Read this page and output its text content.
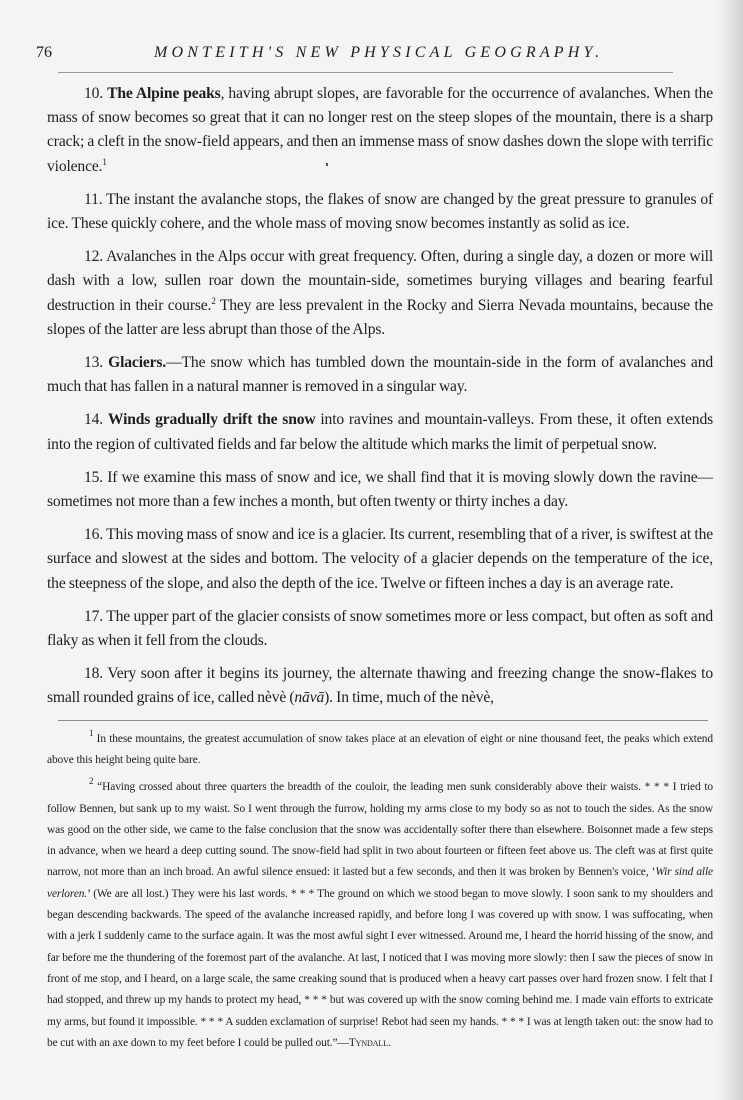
76	MONTEITH'S NEW PHYSICAL GEOGRAPHY.

10. The Alpine peaks, having abrupt slopes, are favorable for the occurrence of avalanches. When the mass of snow becomes so great that it can no longer rest on the steep slopes of the mountain, there is a sharp crack; a cleft in the snow-field appears, and then an immense mass of snow dashes down the slope with terrific violence.$^1$

11. The instant the avalanche stops, the flakes of snow are changed by the great pressure to granules of ice. These quickly cohere, and the whole mass of moving snow becomes instantly as solid as ice.

12. Avalanches in the Alps occur with great frequency. Often, during a single day, a dozen or more will dash with a low, sullen roar down the mountain-side, sometimes burying villages and bearing fearful destruction in their course.$^2$ They are less prevalent in the Rocky and Sierra Nevada mountains, because the slopes of the latter are less abrupt than those of the Alps.

13. Glaciers.—The snow which has tumbled down the mountain-side in the form of avalanches and much that has fallen in a natural manner is removed in a singular way.

14. Winds gradually drift the snow into ravines and mountain-valleys. From these, it often extends into the region of cultivated fields and far below the altitude which marks the limit of perpetual snow.

15. If we examine this mass of snow and ice, we shall find that it is moving slowly down the ravine—sometimes not more than a few inches a month, but often twenty or thirty inches a day.

16. This moving mass of snow and ice is a glacier. Its current, resembling that of a river, is swiftest at the surface and slowest at the sides and bottom. The velocity of a glacier depends on the temperature of the ice, the steepness of the slope, and also the depth of the ice. Twelve or fifteen inches a day is an average rate.

17. The upper part of the glacier consists of snow sometimes more or less compact, but often as soft and flaky as when it fell from the clouds.

18. Very soon after it begins its journey, the alternate thawing and freezing change the snow-flakes to small rounded grains of ice, called nèvè (nāvā). In time, much of the nèvè,

$^1$ In these mountains, the greatest accumulation of snow takes place at an elevation of eight or nine thousand feet, the peaks which extend above this height being quite bare.

$^2$ “Having crossed about three quarters the breadth of the couloir, the leading men sunk considerably above their waists. * * * I tried to follow Bennen, but sank up to my waist. So I went through the furrow, holding my arms close to my body so as not to touch the sides. As the snow was good on the other side, we came to the false conclusion that the snow was accidentally softer there than elsewhere. Boisonnet made a few steps in advance, when we heard a deep cutting sound. The snow-field had split in two about fourteen or fifteen feet above us. The cleft was at first quite narrow, not more than an inch broad. An awful silence ensued: it lasted but a few seconds, and then it was broken by Bennen's voice, ‘Wir sind alle verloren.’ (We are all lost.) They were his last words. * * * The ground on which we stood began to move slowly. I soon sank to my shoulders and began descending backwards. The speed of the avalanche increased rapidly, and before long I was covered up with snow. I was suffocating, when with a jerk I suddenly came to the surface again. It was the most awful sight I ever witnessed. Around me, I heard the horrid hissing of the snow, and far before me the thundering of the foremost part of the avalanche. At last, I noticed that I was moving more slowly: then I saw the pieces of snow in front of me stop, and I heard, on a large scale, the same creaking sound that is produced when a heavy cart passes over hard frozen snow. I felt that I had stopped, and threw up my hands to protect my head, * * * but was covered up with the snow coming behind me. I made vain efforts to extricate my arms, but found it impossible. * * * A sudden exclamation of surprise! Rebot had seen my hands. * * * I was at length taken out: the snow had to be cut with an axe down to my feet before I could be pulled out.”—Tyndall.
